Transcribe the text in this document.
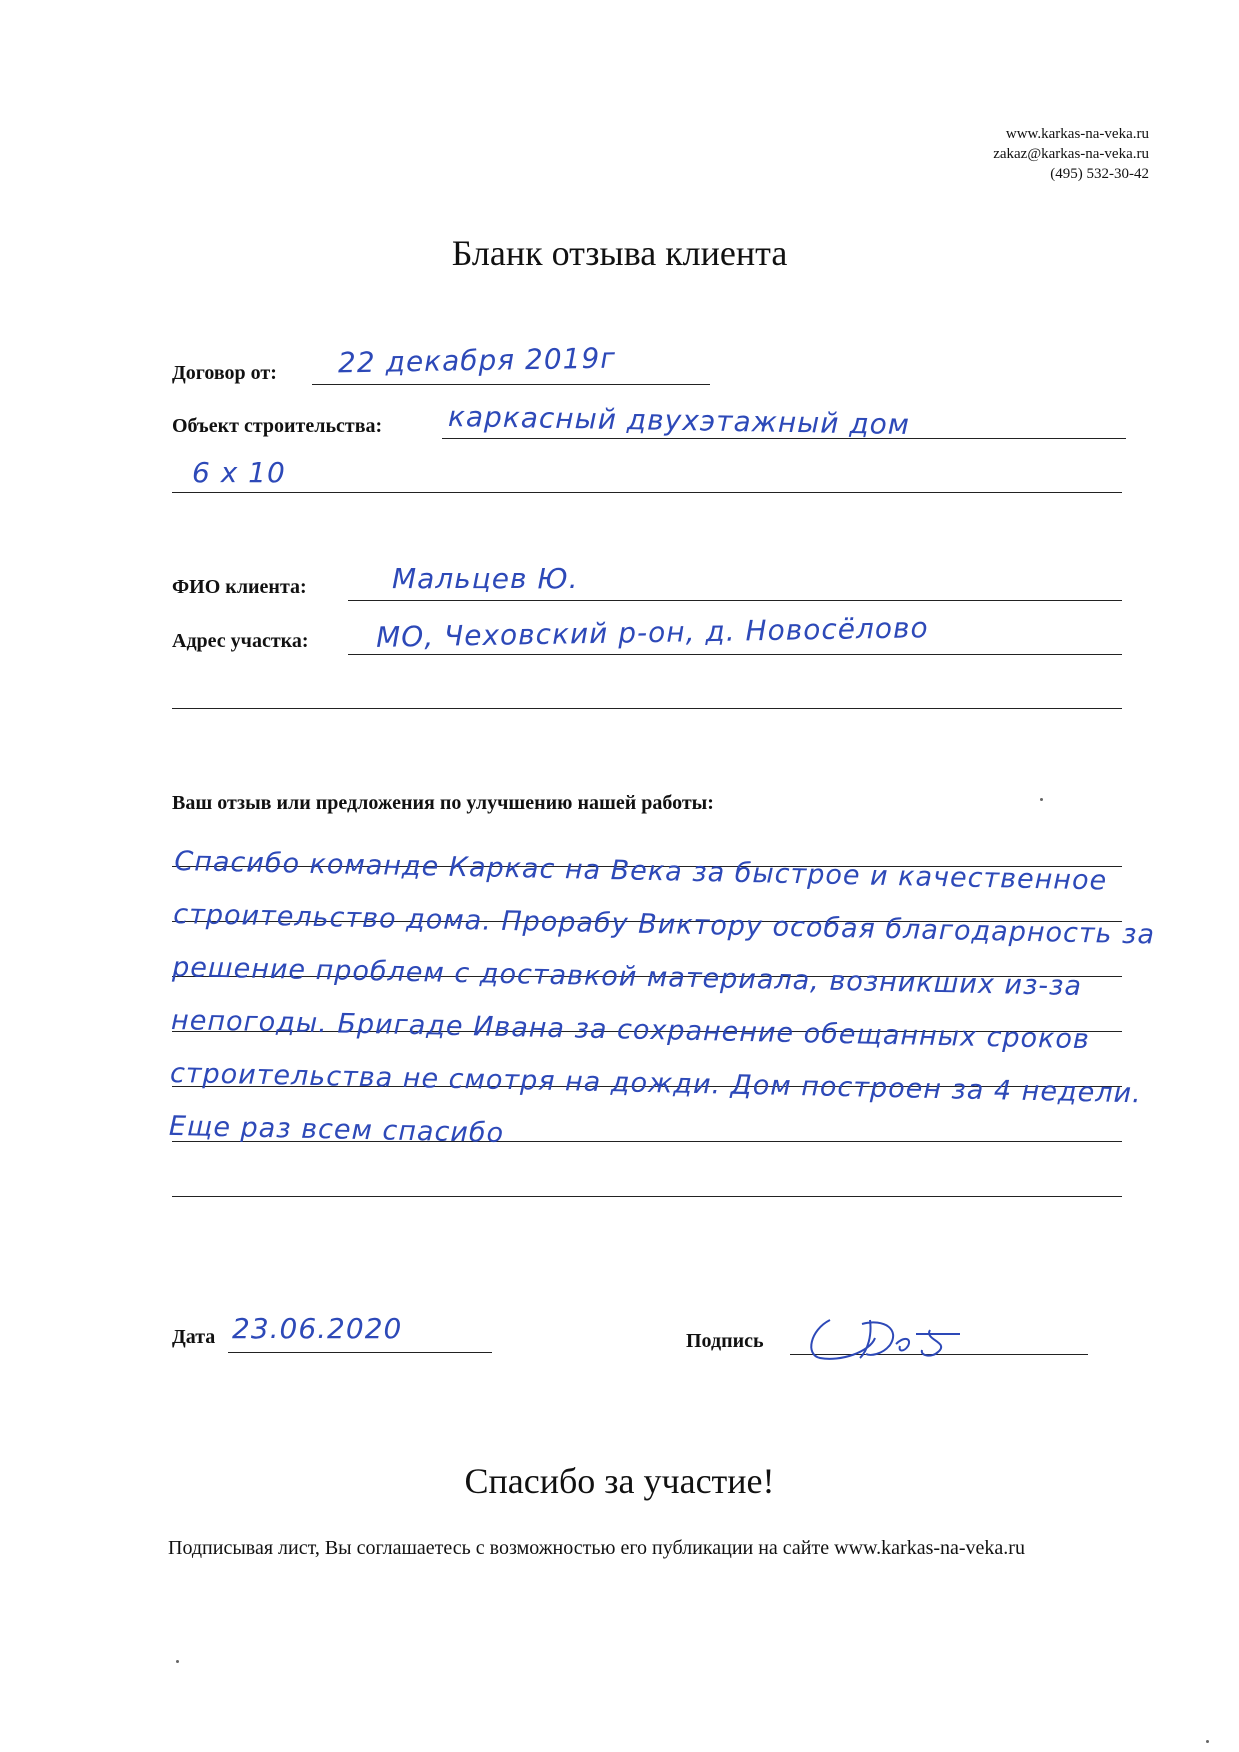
www.karkas-na-veka.ru
zakaz@karkas-na-veka.ru
(495) 532-30-42
Бланк отзыва клиента
Договор от: 22 декабря 2019г
Объект строительства: каркасный двухэтажный дом
6 х 10
ФИО клиента:	Мальцев Ю.
Адрес участка: МО, Чеховский р-он, д. Новосёлово
Ваш отзыв или предложения по улучшению нашей работы:
Спасибо команде Каркас на Века за быстрое и качественное строительство дома. Прорабу Виктору особая благодарность за решение проблем с доставкой материала, возникших из-за непогоды. Бригаде Ивана за сохранение обещанных сроков строительства не смотря на дожди. Дом построен за 4 недели. Еще раз всем спасибо
Дата 23.06.2020	Подпись
Спасибо за участие!
Подписывая лист, Вы соглашаетесь с возможностью его публикации на сайте www.karkas-na-veka.ru
